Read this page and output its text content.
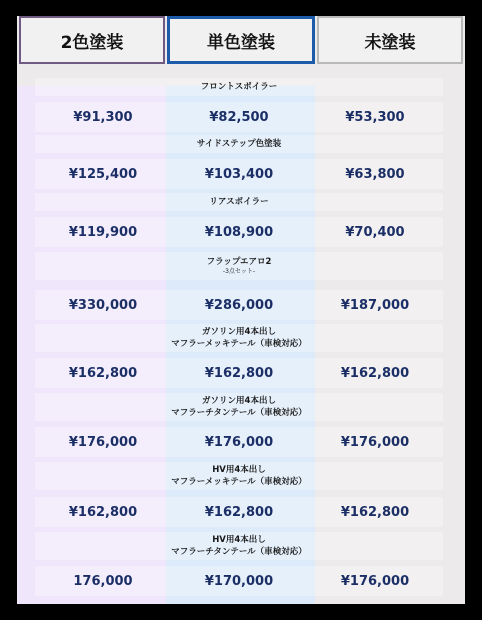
2色塗装	単色塗装	未塗装
フロントスポイラー
¥91,300	¥82,500	¥53,300
サイドステップ色塗装
¥125,400	¥103,400	¥63,800
リアスポイラー
¥119,900	¥108,900	¥70,400
フラップエアロ2
-3点セット-
¥330,000	¥286,000	¥187,000
ガソリン用4本出し
マフラーメッキテール（車検対応）
¥162,800	¥162,800	¥162,800
ガソリン用4本出し
マフラーチタンテール（車検対応）
¥176,000	¥176,000	¥176,000
HV用4本出し
マフラーメッキテール（車検対応）
¥162,800	¥162,800	¥162,800
HV用4本出し
マフラーチタンテール（車検対応）
176,000	¥170,000	¥176,000
